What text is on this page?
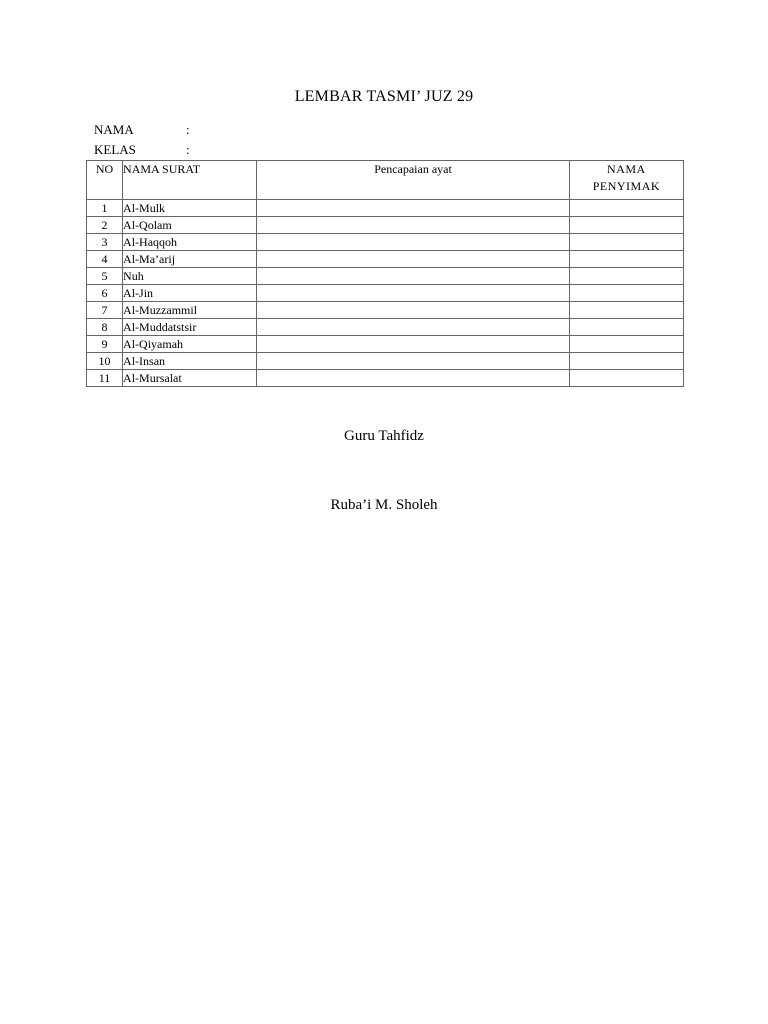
LEMBAR TASMI’ JUZ 29
NAMA	:
KELAS	:
NO	NAMA SURAT	Pencapaian ayat	NAMA
PENYIMAK
1	Al-Mulk		
2	Al-Qolam		
3	Al-Haqqoh		
4	Al-Ma’arij		
5	Nuh		
6	Al-Jin		
7	Al-Muzzammil		
8	Al-Muddatstsir		
9	Al-Qiyamah		
10	Al-Insan		
11	Al-Mursalat		
Guru Tahfidz
Ruba’i M. Sholeh
